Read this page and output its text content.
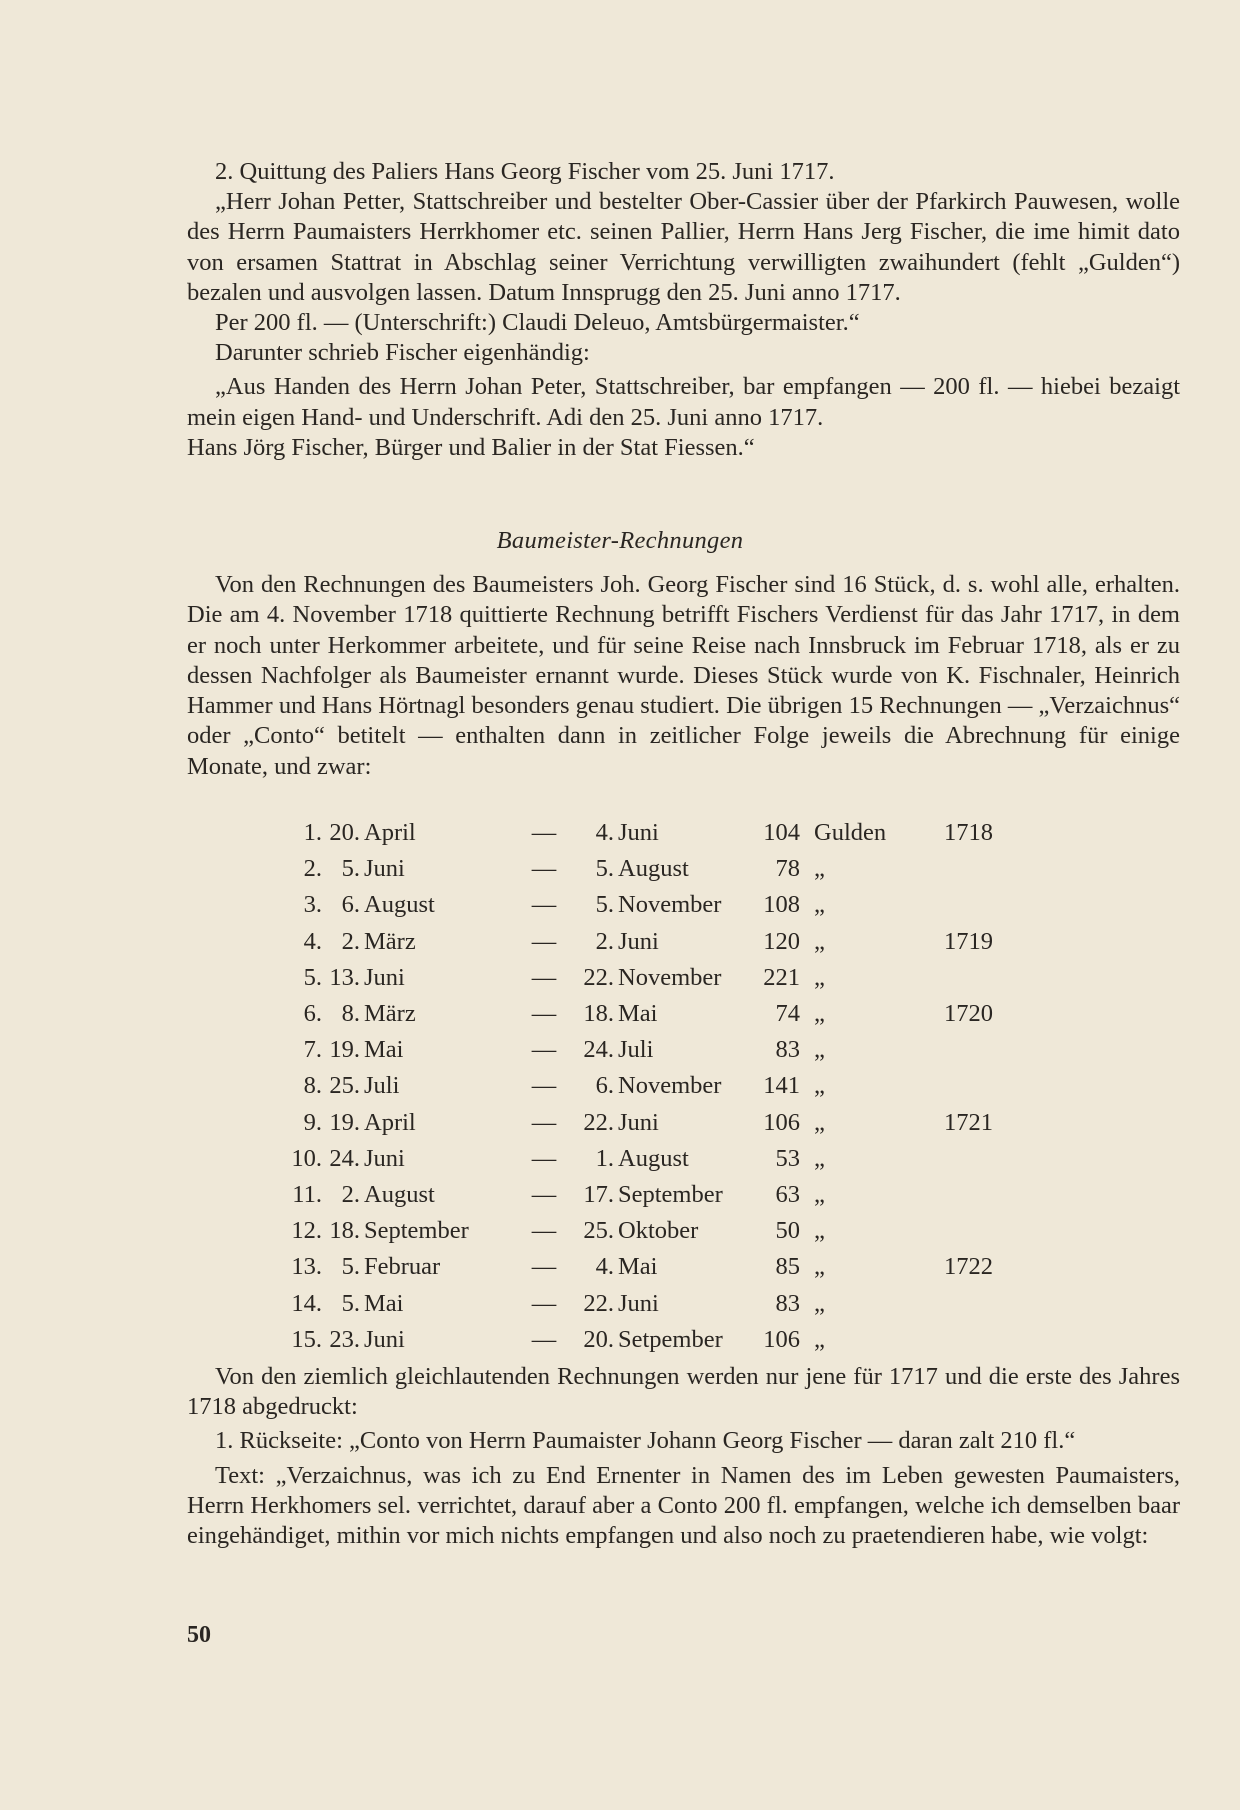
2. Quittung des Paliers Hans Georg Fischer vom 25. Juni 1717.

„Herr Johan Petter, Stattschreiber und bestelter Ober-Cassier über der Pfarkirch Pauwesen, wolle des Herrn Paumaisters Herrkhomer etc. seinen Pallier, Herrn Hans Jerg Fischer, die ime himit dato von ersamen Stattrat in Abschlag seiner Verrichtung verwilligten zwaihundert (fehlt „Gulden“) bezalen und ausvolgen lassen. Datum Innsprugg den 25. Juni anno 1717.

Per 200 fl. — (Unterschrift:) Claudi Deleuo, Amtsbürgermaister.“

Darunter schrieb Fischer eigenhändig:

„Aus Handen des Herrn Johan Peter, Stattschreiber, bar empfangen — 200 fl. — hiebei bezaigt mein eigen Hand- und Underschrift. Adi den 25. Juni anno 1717.

Hans Jörg Fischer, Bürger und Balier in der Stat Fiessen.“

Baumeister-Rechnungen

Von den Rechnungen des Baumeisters Joh. Georg Fischer sind 16 Stück, d. s. wohl alle, erhalten. Die am 4. November 1718 quittierte Rechnung betrifft Fischers Verdienst für das Jahr 1717, in dem er noch unter Herkommer arbeitete, und für seine Reise nach Innsbruck im Februar 1718, als er zu dessen Nachfolger als Baumeister ernannt wurde. Dieses Stück wurde von K. Fischnaler, Heinrich Hammer und Hans Hörtnagl besonders genau studiert. Die übrigen 15 Rechnungen — „Verzaichnus“ oder „Conto“ betitelt — enthalten dann in zeitlicher Folge jeweils die Abrechnung für einige Monate, und zwar:

1.	20.	April	—	4.	Juni	104	Gulden	1718
2.	5.	Juni	—	5.	August	78	„	
3.	6.	August	—	5.	November	108	„	
4.	2.	März	—	2.	Juni	120	„	1719
5.	13.	Juni	—	22.	November	221	„	
6.	8.	März	—	18.	Mai	74	„	1720
7.	19.	Mai	—	24.	Juli	83	„	
8.	25.	Juli	—	6.	November	141	„	
9.	19.	April	—	22.	Juni	106	„	1721
10.	24.	Juni	—	1.	August	53	„	
11.	2.	August	—	17.	September	63	„	
12.	18.	September	—	25.	Oktober	50	„	
13.	5.	Februar	—	4.	Mai	85	„	1722
14.	5.	Mai	—	22.	Juni	83	„	
15.	23.	Juni	—	20.	Setpember	106	„	

Von den ziemlich gleichlautenden Rechnungen werden nur jene für 1717 und die erste des Jahres 1718 abgedruckt:

1. Rückseite: „Conto von Herrn Paumaister Johann Georg Fischer — daran zalt 210 fl.“

Text: „Verzaichnus, was ich zu End Ernenter in Namen des im Leben gewesten Paumaisters, Herrn Herkhomers sel. verrichtet, darauf aber a Conto 200 fl. empfangen, welche ich demselben baar eingehändiget, mithin vor mich nichts empfangen und also noch zu praetendieren habe, wie volgt:

50
